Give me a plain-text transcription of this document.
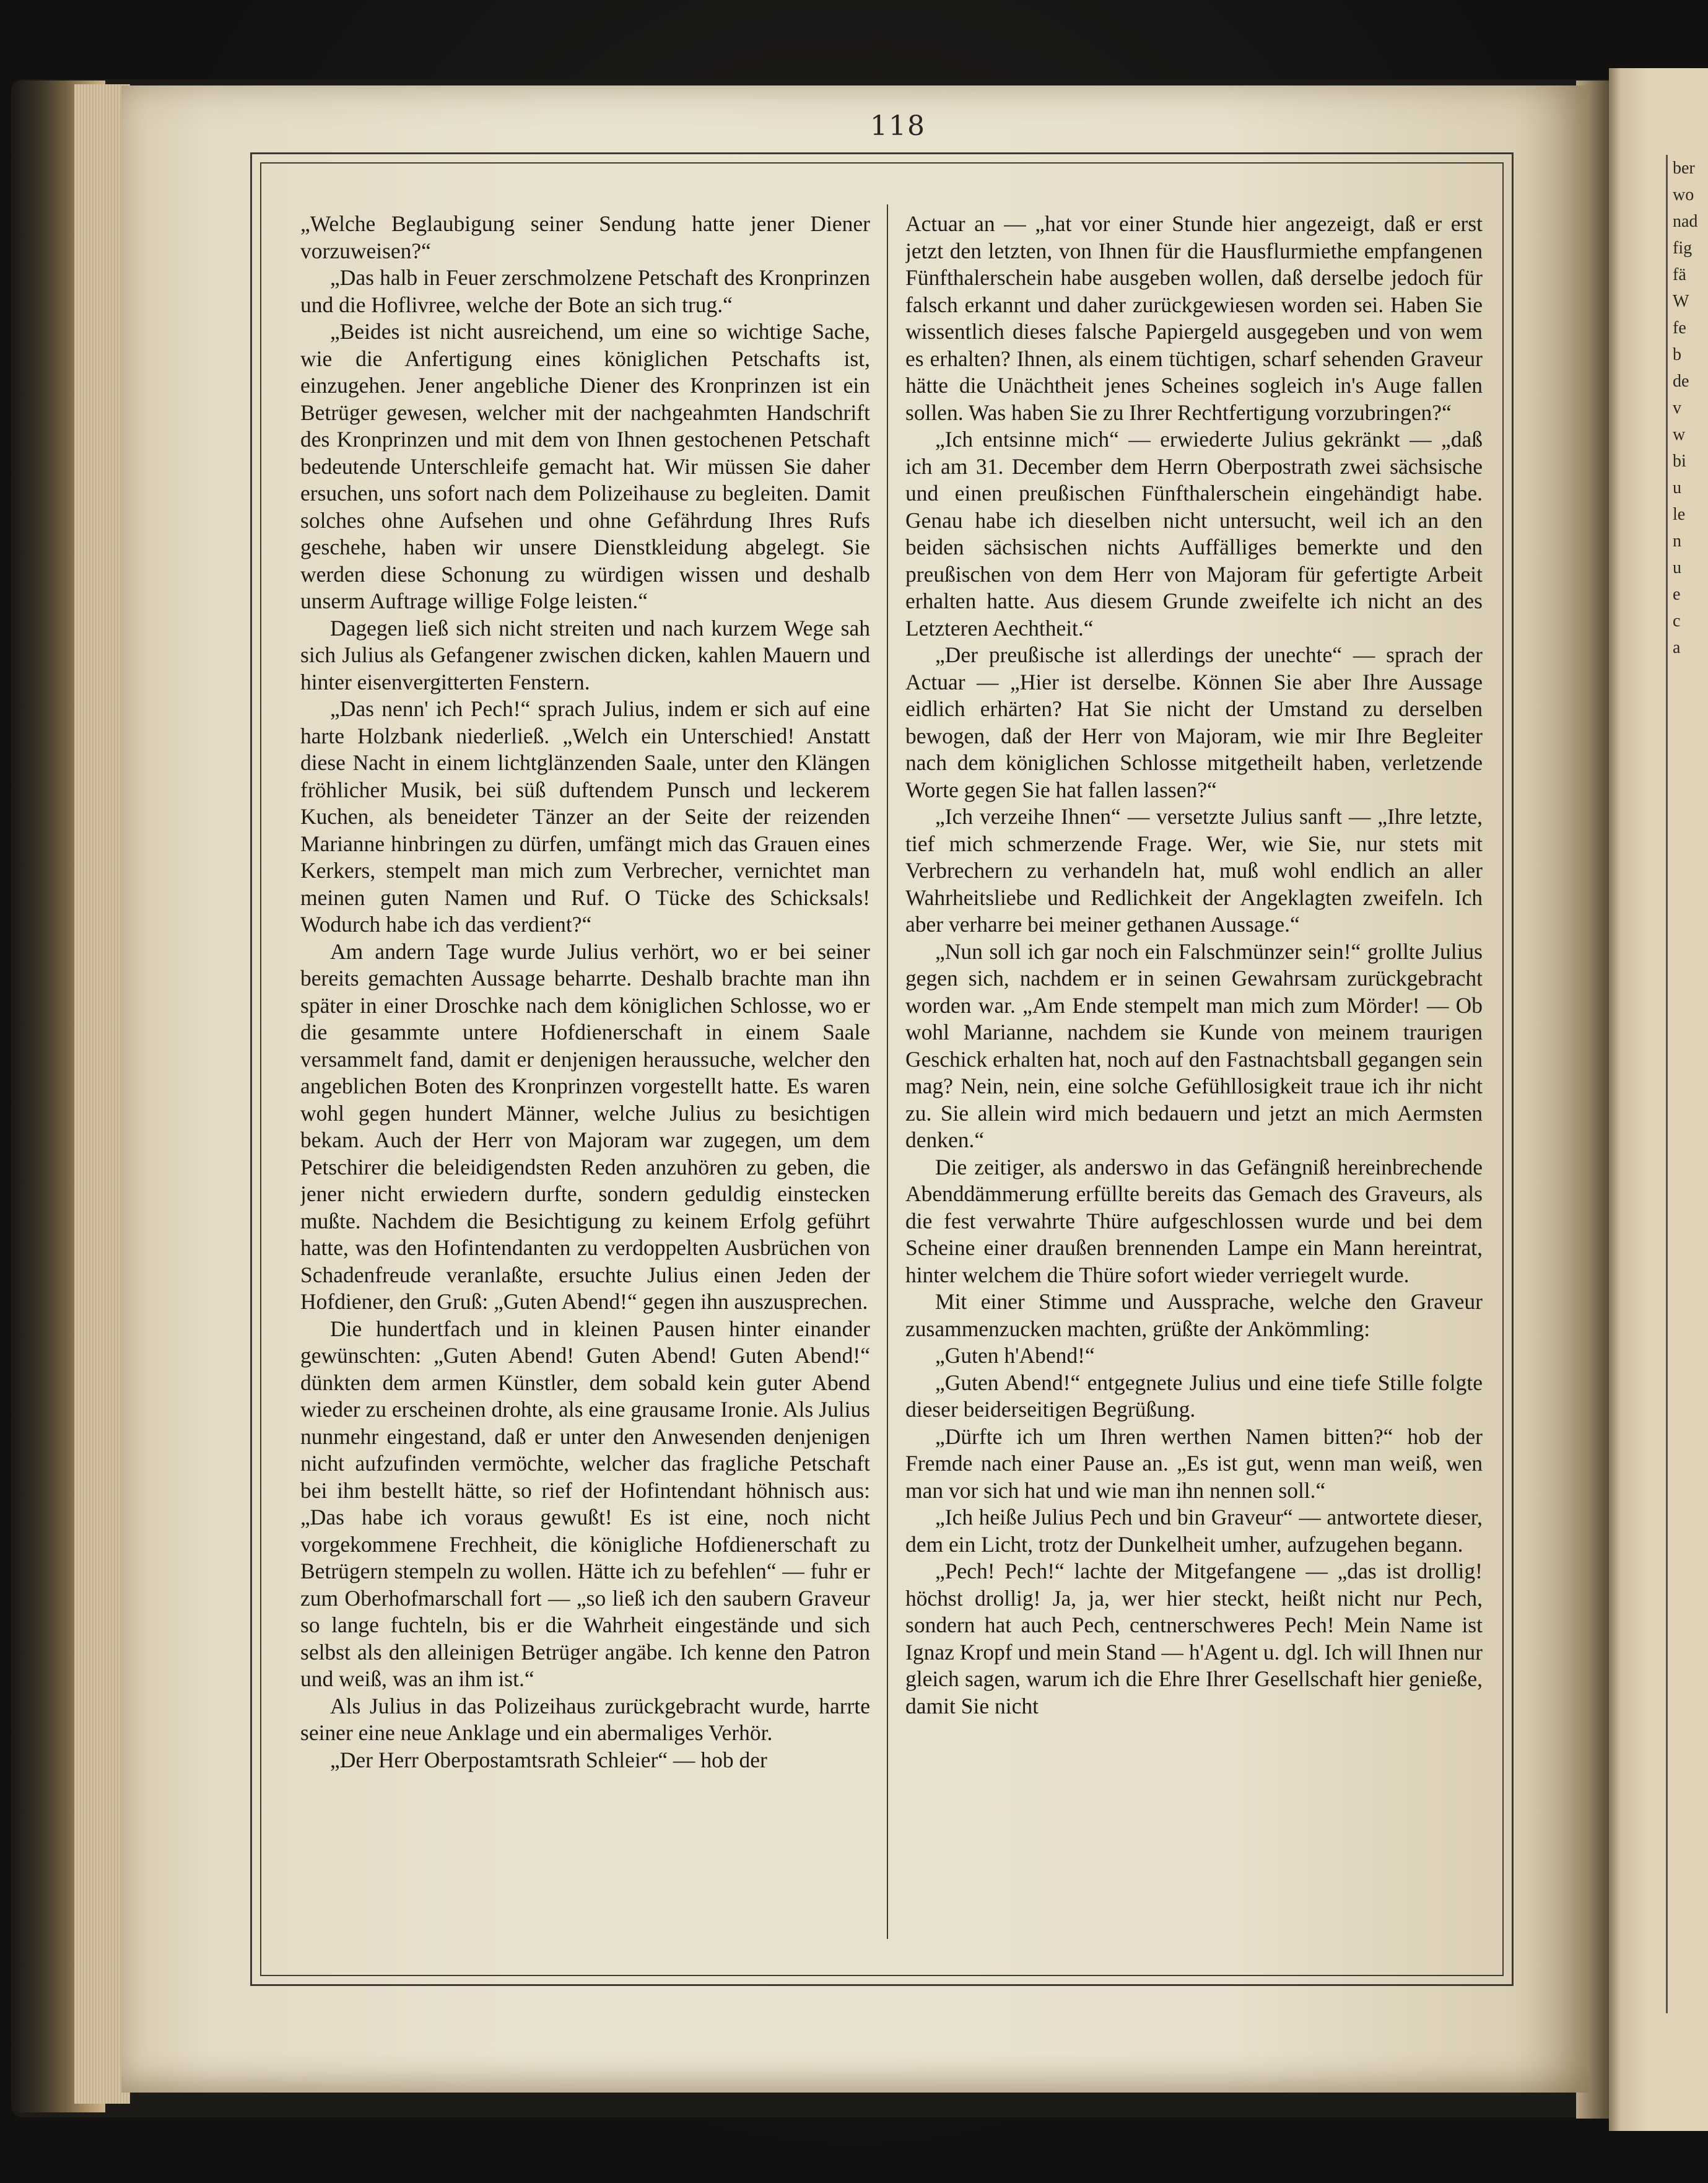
ber
wo
nad
fig
fä
W
fe
b
de
v
w
bi
u
le
n
u
e
c
a
118

„Welche Beglaubigung seiner Sendung hatte jener Diener vorzuweisen?“

„Das halb in Feuer zerschmolzene Petschaft des Kronprinzen und die Hoflivree, welche der Bote an sich trug.“

„Beides ist nicht ausreichend, um eine so wichtige Sache, wie die Anfertigung eines königlichen Petschafts ist, einzugehen. Jener angebliche Diener des Kronprinzen ist ein Betrüger gewesen, welcher mit der nachgeahmten Handschrift des Kronprinzen und mit dem von Ihnen gestochenen Petschaft bedeutende Unterschleife gemacht hat. Wir müssen Sie daher ersuchen, uns sofort nach dem Polizeihause zu begleiten. Damit solches ohne Aufsehen und ohne Gefährdung Ihres Rufs geschehe, haben wir unsere Dienstkleidung abgelegt. Sie werden diese Schonung zu würdigen wissen und deshalb unserm Auftrage willige Folge leisten.“

Dagegen ließ sich nicht streiten und nach kurzem Wege sah sich Julius als Gefangener zwischen dicken, kahlen Mauern und hinter eisenvergitterten Fenstern.

„Das nenn' ich Pech!“ sprach Julius, indem er sich auf eine harte Holzbank niederließ. „Welch ein Unterschied! Anstatt diese Nacht in einem lichtglänzenden Saale, unter den Klängen fröhlicher Musik, bei süß duftendem Punsch und leckerem Kuchen, als beneideter Tänzer an der Seite der reizenden Marianne hinbringen zu dürfen, umfängt mich das Grauen eines Kerkers, stempelt man mich zum Verbrecher, vernichtet man meinen guten Namen und Ruf. O Tücke des Schicksals! Wodurch habe ich das verdient?“

Am andern Tage wurde Julius verhört, wo er bei seiner bereits gemachten Aussage beharrte. Deshalb brachte man ihn später in einer Droschke nach dem königlichen Schlosse, wo er die gesammte untere Hofdienerschaft in einem Saale versammelt fand, damit er denjenigen heraussuche, welcher den angeblichen Boten des Kronprinzen vorgestellt hatte. Es waren wohl gegen hundert Männer, welche Julius zu besichtigen bekam. Auch der Herr von Majoram war zugegen, um dem Petschirer die beleidigendsten Reden anzuhören zu geben, die jener nicht erwiedern durfte, sondern geduldig einstecken mußte. Nachdem die Besichtigung zu keinem Erfolg geführt hatte, was den Hofintendanten zu verdoppelten Ausbrüchen von Schadenfreude veranlaßte, ersuchte Julius einen Jeden der Hofdiener, den Gruß: „Guten Abend!“ gegen ihn auszusprechen.

Die hundertfach und in kleinen Pausen hinter einander gewünschten: „Guten Abend! Guten Abend! Guten Abend!“ dünkten dem armen Künstler, dem sobald kein guter Abend wieder zu erscheinen drohte, als eine grausame Ironie. Als Julius nunmehr eingestand, daß er unter den Anwesenden denjenigen nicht aufzufinden vermöchte, welcher das fragliche Petschaft bei ihm bestellt hätte, so rief der Hofintendant höhnisch aus: „Das habe ich voraus gewußt! Es ist eine, noch nicht vorgekommene Frechheit, die königliche Hofdienerschaft zu Betrügern stempeln zu wollen. Hätte ich zu befehlen“ — fuhr er zum Oberhofmarschall fort — „so ließ ich den saubern Graveur so lange fuchteln, bis er die Wahrheit eingestände und sich selbst als den alleinigen Betrüger angäbe. Ich kenne den Patron und weiß, was an ihm ist.“

Als Julius in das Polizeihaus zurückgebracht wurde, harrte seiner eine neue Anklage und ein abermaliges Verhör.

„Der Herr Oberpostamtsrath Schleier“ — hob der

Actuar an — „hat vor einer Stunde hier angezeigt, daß er erst jetzt den letzten, von Ihnen für die Hausflurmiethe empfangenen Fünfthalerschein habe ausgeben wollen, daß derselbe jedoch für falsch erkannt und daher zurückgewiesen worden sei. Haben Sie wissentlich dieses falsche Papiergeld ausgegeben und von wem es erhalten? Ihnen, als einem tüchtigen, scharf sehenden Graveur hätte die Unächtheit jenes Scheines sogleich in's Auge fallen sollen. Was haben Sie zu Ihrer Rechtfertigung vorzubringen?“

„Ich entsinne mich“ — erwiederte Julius gekränkt — „daß ich am 31. December dem Herrn Oberpostrath zwei sächsische und einen preußischen Fünfthalerschein eingehändigt habe. Genau habe ich dieselben nicht untersucht, weil ich an den beiden sächsischen nichts Auffälliges bemerkte und den preußischen von dem Herr von Majoram für gefertigte Arbeit erhalten hatte. Aus diesem Grunde zweifelte ich nicht an des Letzteren Aechtheit.“

„Der preußische ist allerdings der unechte“ — sprach der Actuar — „Hier ist derselbe. Können Sie aber Ihre Aussage eidlich erhärten? Hat Sie nicht der Umstand zu derselben bewogen, daß der Herr von Majoram, wie mir Ihre Begleiter nach dem königlichen Schlosse mitgetheilt haben, verletzende Worte gegen Sie hat fallen lassen?“

„Ich verzeihe Ihnen“ — versetzte Julius sanft — „Ihre letzte, tief mich schmerzende Frage. Wer, wie Sie, nur stets mit Verbrechern zu verhandeln hat, muß wohl endlich an aller Wahrheitsliebe und Redlichkeit der Angeklagten zweifeln. Ich aber verharre bei meiner gethanen Aussage.“

„Nun soll ich gar noch ein Falschmünzer sein!“ grollte Julius gegen sich, nachdem er in seinen Gewahrsam zurückgebracht worden war. „Am Ende stempelt man mich zum Mörder! — Ob wohl Marianne, nachdem sie Kunde von meinem traurigen Geschick erhalten hat, noch auf den Fastnachtsball gegangen sein mag? Nein, nein, eine solche Gefühllosigkeit traue ich ihr nicht zu. Sie allein wird mich bedauern und jetzt an mich Aermsten denken.“

Die zeitiger, als anderswo in das Gefängniß hereinbrechende Abenddämmerung erfüllte bereits das Gemach des Graveurs, als die fest verwahrte Thüre aufgeschlossen wurde und bei dem Scheine einer draußen brennenden Lampe ein Mann hereintrat, hinter welchem die Thüre sofort wieder verriegelt wurde.

Mit einer Stimme und Aussprache, welche den Graveur zusammenzucken machten, grüßte der Ankömmling:

„Guten h'Abend!“

„Guten Abend!“ entgegnete Julius und eine tiefe Stille folgte dieser beiderseitigen Begrüßung.

„Dürfte ich um Ihren werthen Namen bitten?“ hob der Fremde nach einer Pause an. „Es ist gut, wenn man weiß, wen man vor sich hat und wie man ihn nennen soll.“

„Ich heiße Julius Pech und bin Graveur“ — antwortete dieser, dem ein Licht, trotz der Dunkelheit umher, aufzugehen begann.

„Pech! Pech!“ lachte der Mitgefangene — „das ist drollig! höchst drollig! Ja, ja, wer hier steckt, heißt nicht nur Pech, sondern hat auch Pech, centnerschweres Pech! Mein Name ist Ignaz Kropf und mein Stand — h'Agent u. dgl. Ich will Ihnen nur gleich sagen, warum ich die Ehre Ihrer Gesellschaft hier genieße, damit Sie nicht
